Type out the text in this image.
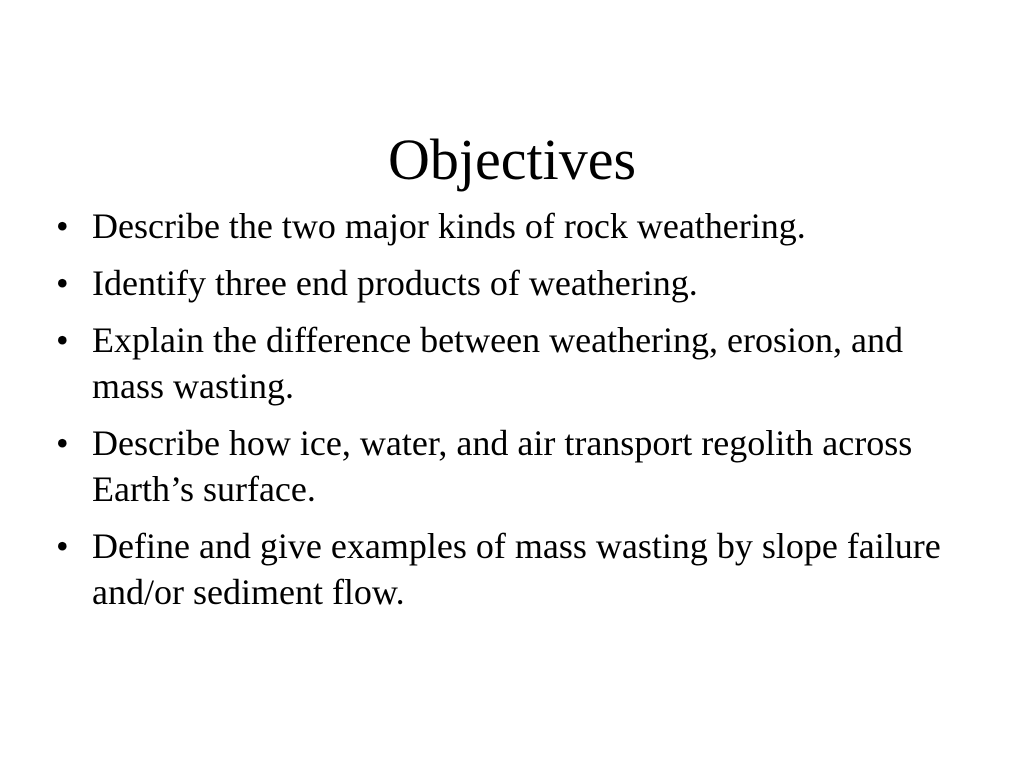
Objectives
• Describe the two major kinds of rock weathering.
• Identify three end products of weathering.
• Explain the difference between weathering, erosion, and mass wasting.
• Describe how ice, water, and air transport regolith across Earth’s surface.
• Define and give examples of mass wasting by slope failure and/or sediment flow.
